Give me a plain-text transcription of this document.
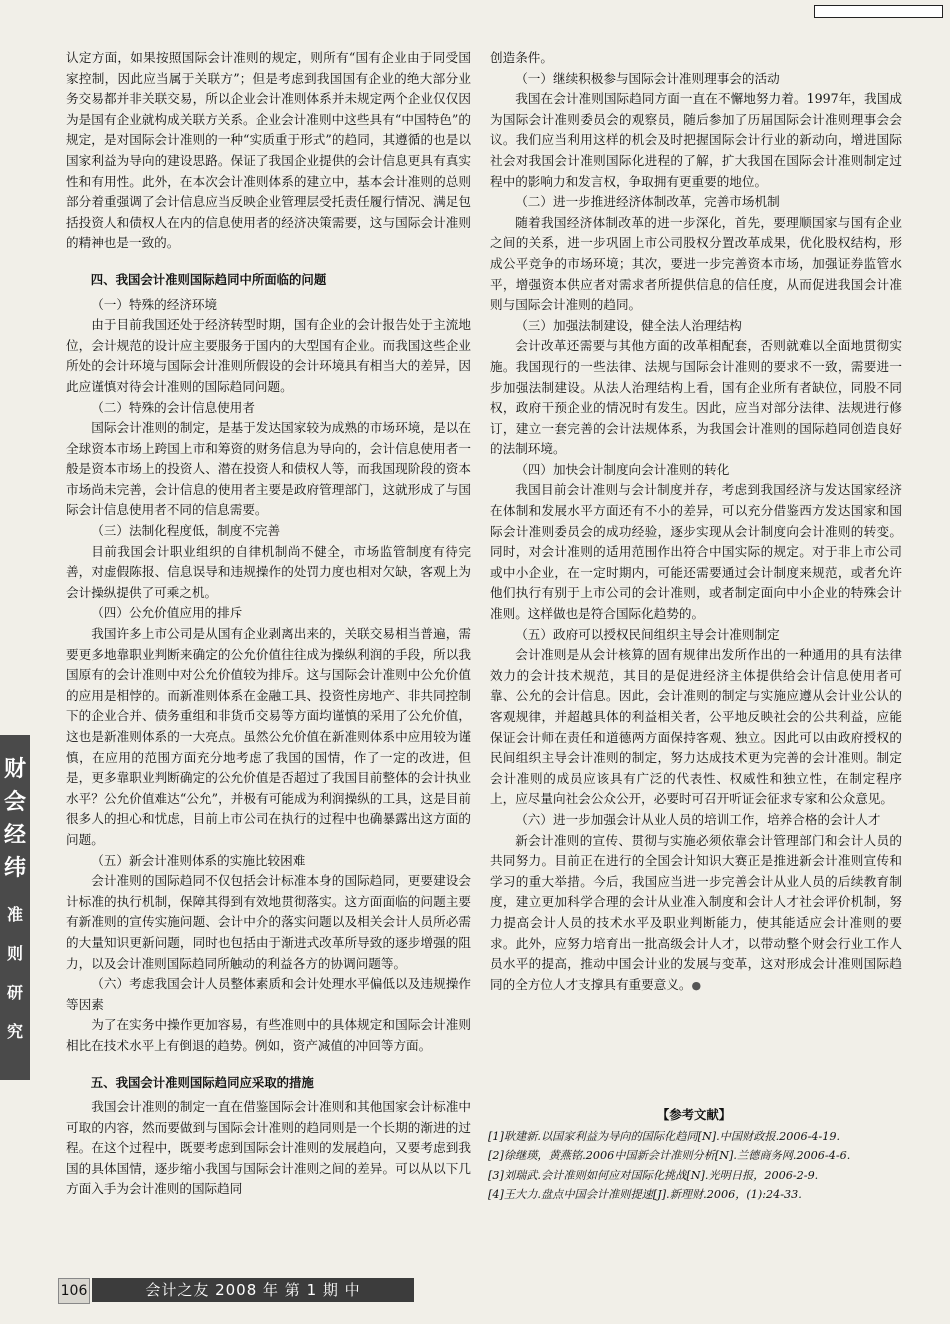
认定方面，如果按照国际会计准则的规定，则所有“国有企业由于同受国家控制，因此应当属于关联方”；但是考虑到我国国有企业的绝大部分业务交易都并非关联交易，所以企业会计准则体系并未规定两个企业仅仅因为是国有企业就构成关联方关系。企业会计准则中这些具有“中国特色”的规定，是对国际会计准则的一种“实质重于形式”的趋同，其遵循的也是以国家利益为导向的建设思路。保证了我国企业提供的会计信息更具有真实性和有用性。此外，在本次会计准则体系的建立中，基本会计准则的总则部分着重强调了会计信息应当反映企业管理层受托责任履行情况、满足包括投资人和债权人在内的信息使用者的经济决策需要，这与国际会计准则的精神也是一致的。

四、我国会计准则国际趋同中所面临的问题
（一）特殊的经济环境

由于目前我国还处于经济转型时期，国有企业的会计报告处于主流地位，会计规范的设计应主要服务于国内的大型国有企业。而我国这些企业所处的会计环境与国际会计准则所假设的会计环境具有相当大的差异，因此应谨慎对待会计准则的国际趋同问题。

（二）特殊的会计信息使用者

国际会计准则的制定，是基于发达国家较为成熟的市场环境，是以在全球资本市场上跨国上市和筹资的财务信息为导向的，会计信息使用者一般是资本市场上的投资人、潜在投资人和债权人等，而我国现阶段的资本市场尚未完善，会计信息的使用者主要是政府管理部门，这就形成了与国际会计信息使用者不同的信息需要。

（三）法制化程度低，制度不完善

目前我国会计职业组织的自律机制尚不健全，市场监管制度有待完善，对虚假陈报、信息误导和违规操作的处罚力度也相对欠缺，客观上为会计操纵提供了可乘之机。

（四）公允价值应用的排斥

我国许多上市公司是从国有企业剥离出来的，关联交易相当普遍，需要更多地靠职业判断来确定的公允价值往往成为操纵利润的手段，所以我国原有的会计准则中对公允价值较为排斥。这与国际会计准则中公允价值的应用是相悖的。而新准则体系在金融工具、投资性房地产、非共同控制下的企业合并、债务重组和非货币交易等方面均谨慎的采用了公允价值，这也是新准则体系的一大亮点。虽然公允价值在新准则体系中应用较为谨慎，在应用的范围方面充分地考虑了我国的国情，作了一定的改进，但是，更多靠职业判断确定的公允价值是否超过了我国目前整体的会计执业水平？公允价值难达“公允”，并极有可能成为利润操纵的工具，这是目前很多人的担心和忧虑，目前上市公司在执行的过程中也确暴露出这方面的问题。

（五）新会计准则体系的实施比较困难

会计准则的国际趋同不仅包括会计标准本身的国际趋同，更要建设会计标准的执行机制，保障其得到有效地贯彻落实。这方面面临的问题主要有新准则的宣传实施问题、会计中介的落实问题以及相关会计人员所必需的大量知识更新问题，同时也包括由于渐进式改革所导致的逐步增强的阻力，以及会计准则国际趋同所触动的利益各方的协调问题等。

（六）考虑我国会计人员整体素质和会计处理水平偏低以及违规操作等因素

为了在实务中操作更加容易，有些准则中的具体规定和国际会计准则相比在技术水平上有倒退的趋势。例如，资产减值的冲回等方面。

五、我国会计准则国际趋同应采取的措施

我国会计准则的制定一直在借鉴国际会计准则和其他国家会计标准中可取的内容，然而要做到与国际会计准则的趋同则是一个长期的渐进的过程。在这个过程中，既要考虑到国际会计准则的发展趋向，又要考虑到我国的具体国情，逐步缩小我国与国际会计准则之间的差异。可以从以下几方面入手为会计准则的国际趋同

创造条件。

（一）继续积极参与国际会计准则理事会的活动

我国在会计准则国际趋同方面一直在不懈地努力着。1997年，我国成为国际会计准则委员会的观察员，随后参加了历届国际会计准则理事会会议。我们应当利用这样的机会及时把握国际会计行业的新动向，增进国际社会对我国会计准则国际化进程的了解，扩大我国在国际会计准则制定过程中的影响力和发言权，争取拥有更重要的地位。

（二）进一步推进经济体制改革，完善市场机制

随着我国经济体制改革的进一步深化，首先，要理顺国家与国有企业之间的关系，进一步巩固上市公司股权分置改革成果，优化股权结构，形成公平竞争的市场环境；其次，要进一步完善资本市场，加强证券监管水平，增强资本供应者对需求者所提供信息的信任度，从而促进我国会计准则与国际会计准则的趋同。

（三）加强法制建设，健全法人治理结构

会计改革还需要与其他方面的改革相配套，否则就难以全面地贯彻实施。我国现行的一些法律、法规与国际会计准则的要求不一致，需要进一步加强法制建设。从法人治理结构上看，国有企业所有者缺位，同股不同权，政府干预企业的情况时有发生。因此，应当对部分法律、法规进行修订，建立一套完善的会计法规体系，为我国会计准则的国际趋同创造良好的法制环境。

（四）加快会计制度向会计准则的转化

我国目前会计准则与会计制度并存，考虑到我国经济与发达国家经济在体制和发展水平方面还有不小的差异，可以充分借鉴西方发达国家和国际会计准则委员会的成功经验，逐步实现从会计制度向会计准则的转变。同时，对会计准则的适用范围作出符合中国实际的规定。对于非上市公司或中小企业，在一定时期内，可能还需要通过会计制度来规范，或者允许他们执行有别于上市公司的会计准则，或者制定面向中小企业的特殊会计准则。这样做也是符合国际化趋势的。

（五）政府可以授权民间组织主导会计准则制定

会计准则是从会计核算的固有规律出发所作出的一种通用的具有法律效力的会计技术规范，其目的是促进经济主体提供给会计信息使用者可靠、公允的会计信息。因此，会计准则的制定与实施应遵从会计业公认的客观规律，并超越具体的利益相关者，公平地反映社会的公共利益，应能保证会计师在责任和道德两方面保持客观、独立。因此可以由政府授权的民间组织主导会计准则的制定，努力达成技术更为完善的会计准则。制定会计准则的成员应该具有广泛的代表性、权威性和独立性，在制定程序上，应尽量向社会公众公开，必要时可召开听证会征求专家和公众意见。

（六）进一步加强会计从业人员的培训工作，培养合格的会计人才

新会计准则的宣传、贯彻与实施必须依靠会计管理部门和会计人员的共同努力。目前正在进行的全国会计知识大赛正是推进新会计准则宣传和学习的重大举措。今后，我国应当进一步完善会计从业人员的后续教育制度，建立更加科学合理的会计从业准入制度和会计人才社会评价机制，努力提高会计人员的技术水平及职业判断能力，使其能适应会计准则的要求。此外，应努力培育出一批高级会计人才，以带动整个财会行业工作人员水平的提高，推动中国会计业的发展与变革，这对形成会计准则国际趋同的全方位人才支撑具有重要意义。●

【参考文献】

[1]耿建新.以国家利益为导向的国际化趋同[N].中国财政报.2006-4-19.

[2]徐继瑛，黄燕铭.2006中国新会计准则分析[N].兰德商务网.2006-4-6.

[3]刘瑞武.会计准则如何应对国际化挑战[N].光明日报，2006-2-9.

[4]王大力.盘点中国会计准则提速[J].新理财.2006，(1):24-33.

财
会
经
纬
准
则
研
究
106	会计之友 2008 年 第 1 期 中
